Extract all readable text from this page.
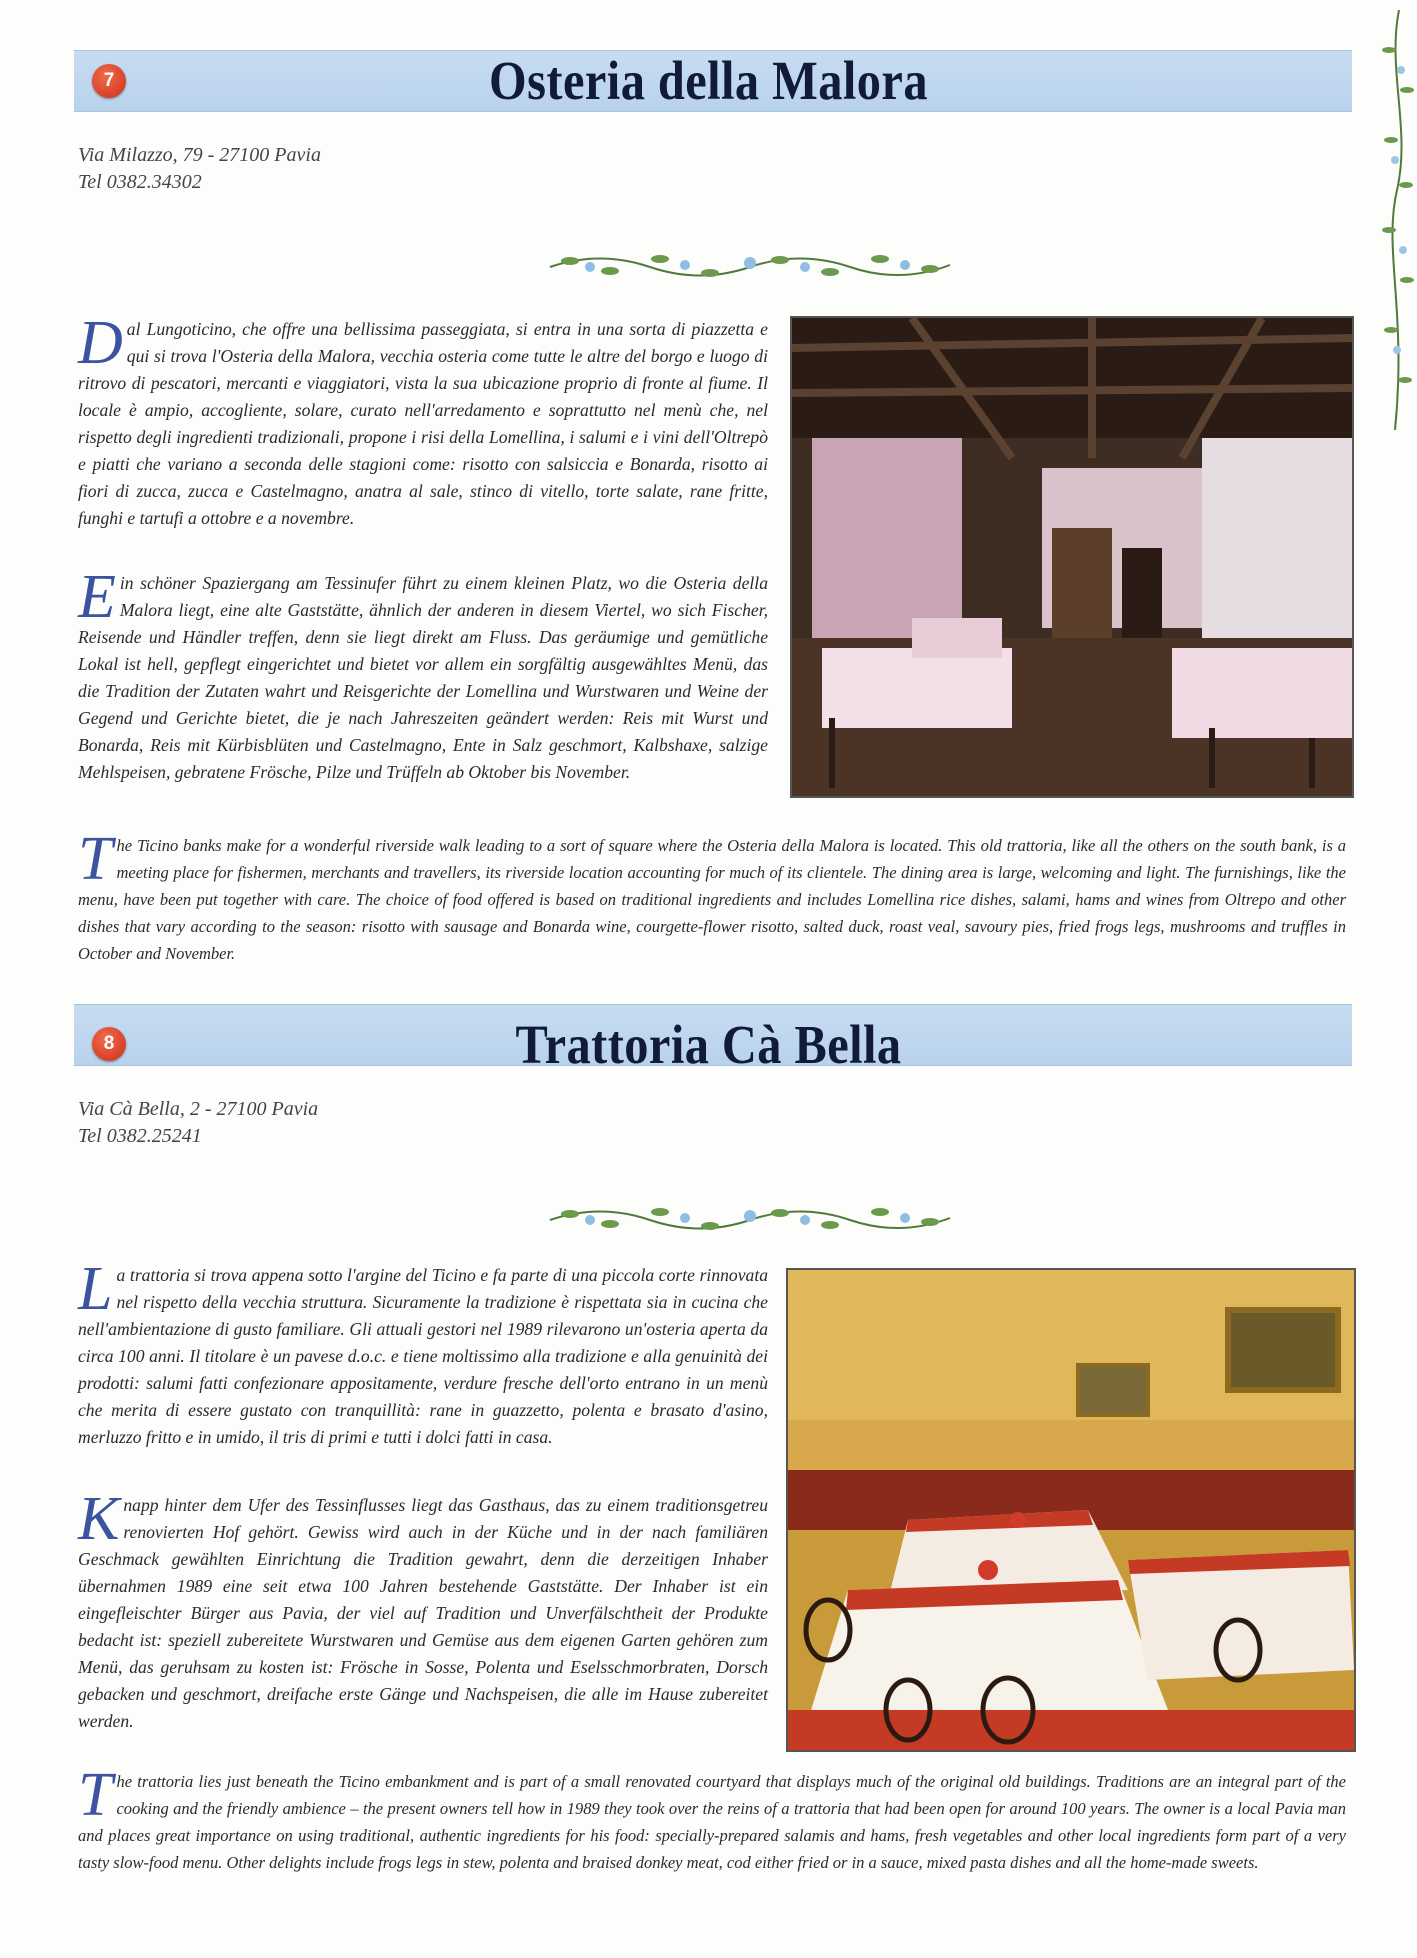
7	Osteria della Malora
Via Milazzo, 79 - 27100 Pavia
Tel 0382.34302

Dal Lungoticino, che offre una bellissima passeggiata, si entra in una sorta di piazzetta e qui si trova l'Osteria della Malora, vecchia osteria come tutte le altre del borgo e luogo di ritrovo di pescatori, mercanti e viaggiatori, vista la sua ubicazione proprio di fronte al fiume. Il locale è ampio, accogliente, solare, curato nell'arredamento e soprattutto nel menù che, nel rispetto degli ingredienti tradizionali, propone i risi della Lomellina, i salumi e i vini dell'Oltrepò e piatti che variano a seconda delle stagioni come: risotto con salsiccia e Bonarda, risotto ai fiori di zucca, zucca e Castelmagno, anatra al sale, stinco di vitello, torte salate, rane fritte, funghi e tartufi a ottobre e a novembre.

Ein schöner Spaziergang am Tessinufer führt zu einem kleinen Platz, wo die Osteria della Malora liegt, eine alte Gaststätte, ähnlich der anderen in diesem Viertel, wo sich Fischer, Reisende und Händler treffen, denn sie liegt direkt am Fluss. Das geräumige und gemütliche Lokal ist hell, gepflegt eingerichtet und bietet vor allem ein sorgfältig ausgewähltes Menü, das die Tradition der Zutaten wahrt und Reisgerichte der Lomellina und Wurstwaren und Weine der Gegend und Gerichte bietet, die je nach Jahreszeiten geändert werden: Reis mit Wurst und Bonarda, Reis mit Kürbisblüten und Castelmagno, Ente in Salz geschmort, Kalbshaxe, salzige Mehlspeisen, gebratene Frösche, Pilze und Trüffeln ab Oktober bis November.

The Ticino banks make for a wonderful riverside walk leading to a sort of square where the Osteria della Malora is located. This old trattoria, like all the others on the south bank, is a meeting place for fishermen, merchants and travellers, its riverside location accounting for much of its clientele. The dining area is large, welcoming and light. The furnishings, like the menu, have been put together with care. The choice of food offered is based on traditional ingredients and includes Lomellina rice dishes, salami, hams and wines from Oltrepo and other dishes that vary according to the season: risotto with sausage and Bonarda wine, courgette-flower risotto, salted duck, roast veal, savoury pies, fried frogs legs, mushrooms and truffles in October and November.

8	Trattoria Cà Bella
Via Cà Bella, 2 - 27100 Pavia
Tel 0382.25241

La trattoria si trova appena sotto l'argine del Ticino e fa parte di una piccola corte rinnovata nel rispetto della vecchia struttura. Sicuramente la tradizione è rispettata sia in cucina che nell'ambientazione di gusto familiare. Gli attuali gestori nel 1989 rilevarono un'osteria aperta da circa 100 anni. Il titolare è un pavese d.o.c. e tiene moltissimo alla tradizione e alla genuinità dei prodotti: salumi fatti confezionare appositamente, verdure fresche dell'orto entrano in un menù che merita di essere gustato con tranquillità: rane in guazzetto, polenta e brasato d'asino, merluzzo fritto e in umido, il tris di primi e tutti i dolci fatti in casa.

Knapp hinter dem Ufer des Tessinflusses liegt das Gasthaus, das zu einem traditionsgetreu renovierten Hof gehört. Gewiss wird auch in der Küche und in der nach familiären Geschmack gewählten Einrichtung die Tradition gewahrt, denn die derzeitigen Inhaber übernahmen 1989 eine seit etwa 100 Jahren bestehende Gaststätte. Der Inhaber ist ein eingefleischter Bürger aus Pavia, der viel auf Tradition und Unverfälschtheit der Produkte bedacht ist: speziell zubereitete Wurstwaren und Gemüse aus dem eigenen Garten gehören zum Menü, das geruhsam zu kosten ist: Frösche in Sosse, Polenta und Eselsschmorbraten, Dorsch gebacken und geschmort, dreifache erste Gänge und Nachspeisen, die alle im Hause zubereitet werden.

The trattoria lies just beneath the Ticino embankment and is part of a small renovated courtyard that displays much of the original old buildings. Traditions are an integral part of the cooking and the friendly ambience – the present owners tell how in 1989 they took over the reins of a trattoria that had been open for around 100 years. The owner is a local Pavia man and places great importance on using traditional, authentic ingredients for his food: specially-prepared salamis and hams, fresh vegetables and other local ingredients form part of a very tasty slow-food menu. Other delights include frogs legs in stew, polenta and braised donkey meat, cod either fried or in a sauce, mixed pasta dishes and all the home-made sweets.
